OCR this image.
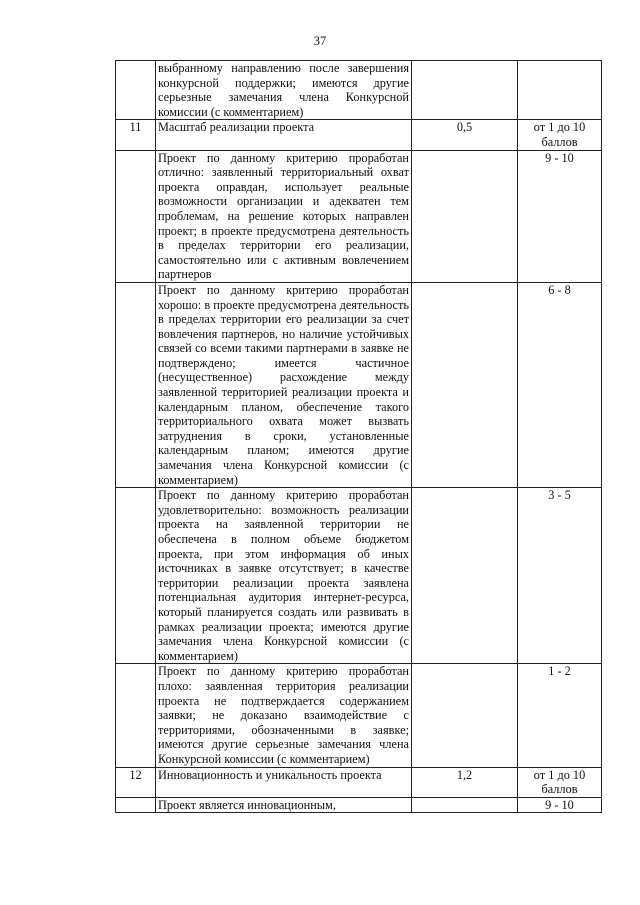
37
	выбранному направлению после завершения конкурсной поддержки; имеются другие серьезные замечания члена Конкурсной комиссии (с комментарием)		
11	Масштаб реализации проекта	0,5	от 1 до 10 баллов
	Проект по данному критерию проработан отлично: заявленный территориальный охват проекта оправдан, использует реальные возможности организации и адекватен тем проблемам, на решение которых направлен проект; в проекте предусмотрена деятельность в пределах территории его реализации, самостоятельно или с активным вовлечением партнеров		9 - 10
	Проект по данному критерию проработан хорошо: в проекте предусмотрена деятельность в пределах территории его реализации за счет вовлечения партнеров, но наличие устойчивых связей со всеми такими партнерами в заявке не подтверждено; имеется частичное (несущественное) расхождение между заявленной территорией реализации проекта и календарным планом, обеспечение такого территориального охвата может вызвать затруднения в сроки, установленные календарным планом; имеются другие замечания члена Конкурсной комиссии (с комментарием)		6 - 8
	Проект по данному критерию проработан удовлетворительно: возможность реализации проекта на заявленной территории не обеспечена в полном объеме бюджетом проекта, при этом информация об иных источниках в заявке отсутствует; в качестве территории реализации проекта заявлена потенциальная аудитория интернет-ресурса, который планируется создать или развивать в рамках реализации проекта; имеются другие замечания члена Конкурсной комиссии (с комментарием)		3 - 5
	Проект по данному критерию проработан плохо: заявленная территория реализации проекта не подтверждается содержанием заявки; не доказано взаимодействие с территориями, обозначенными в заявке; имеются другие серьезные замечания члена Конкурсной комиссии (с комментарием)		1 - 2
12	Инновационность и уникальность проекта	1,2	от 1 до 10 баллов
	Проект является инновационным,		9 - 10
